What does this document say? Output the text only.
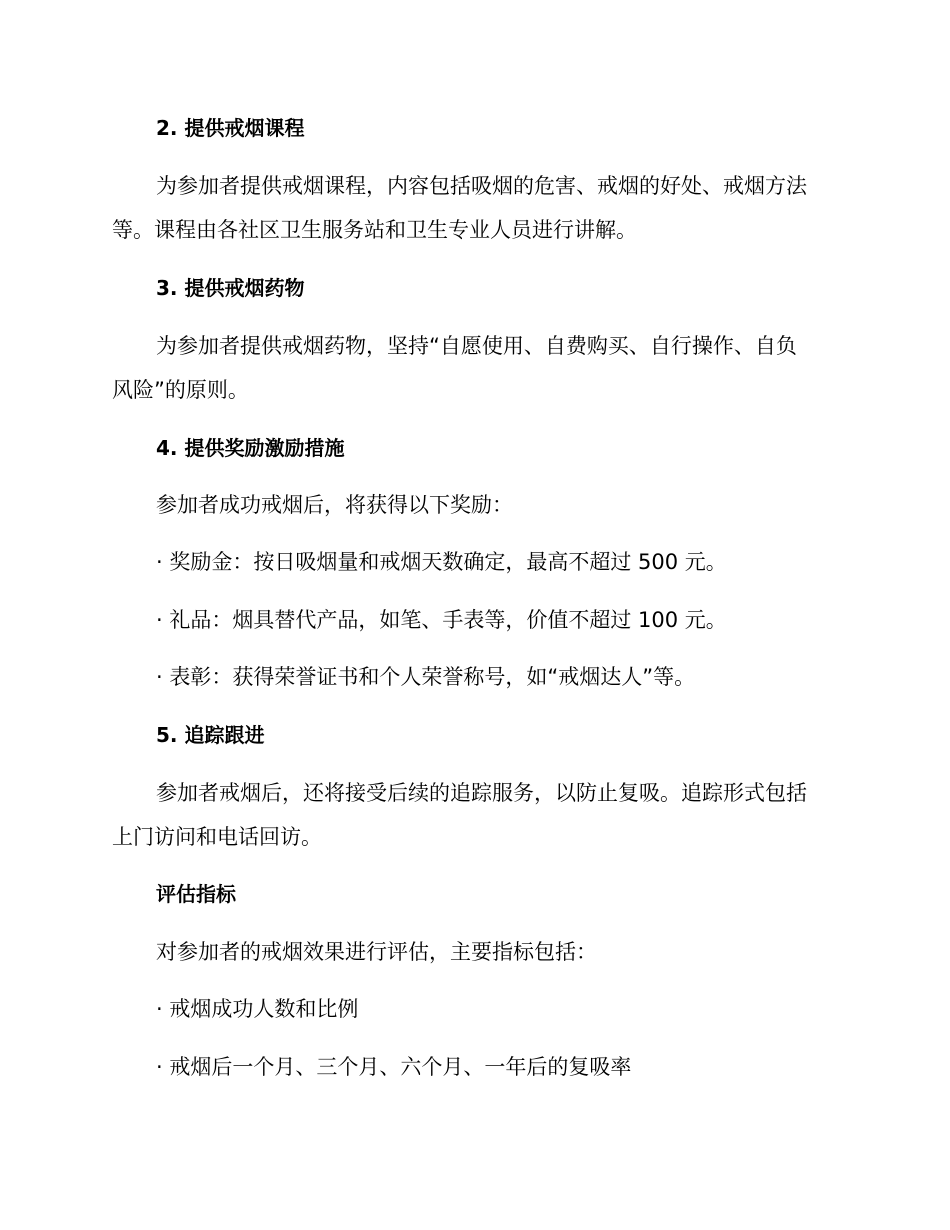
2. 提供戒烟课程
为参加者提供戒烟课程，内容包括吸烟的危害、戒烟的好处、戒烟方法
等。课程由各社区卫生服务站和卫生专业人员进行讲解。
3. 提供戒烟药物
为参加者提供戒烟药物，坚持“自愿使用、自费购买、自行操作、自负
风险”的原则。
4. 提供奖励激励措施
参加者成功戒烟后，将获得以下奖励：
· 奖励金：按日吸烟量和戒烟天数确定，最高不超过 500 元。
· 礼品：烟具替代产品，如笔、手表等，价值不超过 100 元。
· 表彰：获得荣誉证书和个人荣誉称号，如“戒烟达人”等。
5. 追踪跟进
参加者戒烟后，还将接受后续的追踪服务，以防止复吸。追踪形式包括
上门访问和电话回访。
评估指标
对参加者的戒烟效果进行评估，主要指标包括：
· 戒烟成功人数和比例
· 戒烟后一个月、三个月、六个月、一年后的复吸率
